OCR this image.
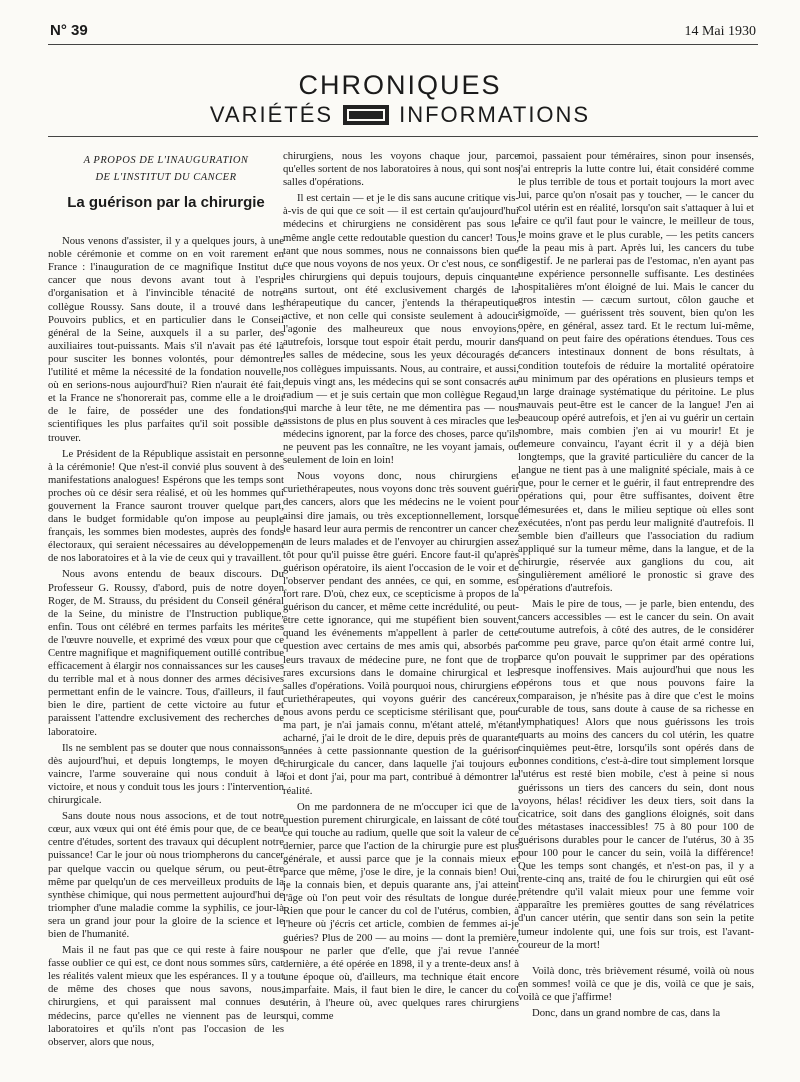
N° 39	14 Mai 1930
CHRONIQUES
VARIÉTÉS	INFORMATIONS
A PROPOS DE L'INAUGURATION
DE L'INSTITUT DU CANCER
La guérison par la chirurgie

Nous venons d'assister, il y a quelques jours, à une noble cérémonie et comme on en voit rarement en France : l'inauguration de ce magnifique Institut du cancer que nous devons avant tout à l'esprit d'organisation et à l'invincible ténacité de notre collègue Roussy. Sans doute, il a trouvé dans les Pouvoirs publics, et en particulier dans le Conseil général de la Seine, auxquels il a su parler, des auxiliaires tout-puissants. Mais s'il n'avait pas été là pour susciter les bonnes volontés, pour démontrer l'utilité et même la nécessité de la fondation nouvelle, où en serions-nous aujourd'hui? Rien n'aurait été fait, et la France ne s'honorerait pas, comme elle a le droit de le faire, de posséder une des fondations scientifiques les plus parfaites qu'il soit possible de trouver.

Le Président de la République assistait en personne à la cérémonie! Que n'est-il convié plus souvent à des manifestations analogues! Espérons que les temps sont proches où ce désir sera réalisé, et où les hommes qui gouvernent la France sauront trouver quelque part, dans le budget formidable qu'on impose au peuple français, les sommes bien modestes, auprès des fonds électoraux, qui seraient nécessaires au développement de nos laboratoires et à la vie de ceux qui y travaillent.

Nous avons entendu de beaux discours. Du Professeur G. Roussy, d'abord, puis de notre doyen Roger, de M. Strauss, du président du Conseil général de la Seine, du ministre de l'Instruction publique, enfin. Tous ont célébré en termes parfaits les mérites de l'œuvre nouvelle, et exprimé des vœux pour que ce Centre magnifique et magnifiquement outillé contribue efficacement à élargir nos connaissances sur les causes du terrible mal et à nous donner des armes décisives permettant enfin de le vaincre. Tous, d'ailleurs, il faut bien le dire, partient de cette victoire au futur et paraissent l'attendre exclusivement des recherches de laboratoire.

Ils ne semblent pas se douter que nous connaissons dès aujourd'hui, et depuis longtemps, le moyen de vaincre, l'arme souveraine qui nous conduit à la victoire, et nous y conduit tous les jours : l'intervention chirurgicale.

Sans doute nous nous associons, et de tout notre cœur, aux vœux qui ont été émis pour que, de ce beau centre d'études, sortent des travaux qui décuplent notre puissance! Car le jour où nous triompherons du cancer par quelque vaccin ou quelque sérum, ou peut-être même par quelqu'un de ces merveilleux produits de la synthèse chimique, qui nous permettent aujourd'hui de triompher d'une maladie comme la syphilis, ce jour-là sera un grand jour pour la gloire de la science et le bien de l'humanité.

Mais il ne faut pas que ce qui reste à faire nous fasse oublier ce qui est, ce dont nous sommes sûrs, car les réalités valent mieux que les espérances. Il y a tout de même des choses que nous savons, nous, chirurgiens, et qui paraissent mal connues des médecins, parce qu'elles ne viennent pas de leurs laboratoires et qu'ils n'ont pas l'occasion de les observer, alors que nous,

chirurgiens, nous les voyons chaque jour, parce qu'elles sortent de nos laboratoires à nous, qui sont nos salles d'opérations.

Il est certain — et je le dis sans aucune critique vis-à-vis de qui que ce soit — il est certain qu'aujourd'hui médecins et chirurgiens ne considèrent pas sous le même angle cette redoutable question du cancer! Tous, tant que nous sommes, nous ne connaissons bien que ce que nous voyons de nos yeux. Or c'est nous, ce sont les chirurgiens qui depuis toujours, depuis cinquante ans surtout, ont été exclusivement chargés de la thérapeutique du cancer, j'entends la thérapeutique active, et non celle qui consiste seulement à adoucir l'agonie des malheureux que nous envoyions, autrefois, lorsque tout espoir était perdu, mourir dans les salles de médecine, sous les yeux découragés de nos collègues impuissants. Nous, au contraire, et aussi, depuis vingt ans, les médecins qui se sont consacrés au radium — et je suis certain que mon collègue Regaud, qui marche à leur tête, ne me démentira pas — nous assistons de plus en plus souvent à ces miracles que les médecins ignorent, par la force des choses, parce qu'ils ne peuvent pas les connaître, ne les voyant jamais, ou seulement de loin en loin!

Nous voyons donc, nous chirurgiens et curiethérapeutes, nous voyons donc très souvent guérir des cancers, alors que les médecins ne le voient pour ainsi dire jamais, ou très exceptionnellement, lorsque le hasard leur aura permis de rencontrer un cancer chez un de leurs malades et de l'envoyer au chirurgien assez tôt pour qu'il puisse être guéri. Encore faut-il qu'après guérison opératoire, ils aient l'occasion de le voir et de l'observer pendant des années, ce qui, en somme, est fort rare. D'où, chez eux, ce scepticisme à propos de la guérison du cancer, et même cette incrédulité, ou peut-être cette ignorance, qui me stupéfient bien souvent, quand les événements m'appellent à parler de cette question avec certains de mes amis qui, absorbés par leurs travaux de médecine pure, ne font que de trop rares excursions dans le domaine chirurgical et les salles d'opérations. Voilà pourquoi nous, chirurgiens et curiethérapeutes, qui voyons guérir des cancéreux, nous avons perdu ce scepticisme stérilisant que, pour ma part, je n'ai jamais connu, m'étant attelé, m'étant acharné, j'ai le droit de le dire, depuis près de quarante années à cette passionnante question de la guérison chirurgicale du cancer, dans laquelle j'ai toujours eu foi et dont j'ai, pour ma part, contribué à démontrer la réalité.

On me pardonnera de ne m'occuper ici que de la question purement chirurgicale, en laissant de côté tout ce qui touche au radium, quelle que soit la valeur de ce dernier, parce que l'action de la chirurgie pure est plus générale, et aussi parce que je la connais mieux et parce que même, j'ose le dire, je la connais bien! Oui, je la connais bien, et depuis quarante ans, j'ai atteint l'âge où l'on peut voir des résultats de longue durée. Rien que pour le cancer du col de l'utérus, combien, à l'heure où j'écris cet article, combien de femmes ai-je guéries? Plus de 200 — au moins — dont la première, pour ne parler que d'elle, que j'ai revue l'année dernière, a été opérée en 1898, il y a trente-deux ans! à une époque où, d'ailleurs, ma technique était encore imparfaite. Mais, il faut bien le dire, le cancer du col utérin, à l'heure où, avec quelques rares chirurgiens qui, comme

moi, passaient pour téméraires, sinon pour insensés, j'ai entrepris la lutte contre lui, était considéré comme le plus terrible de tous et portait toujours la mort avec lui, parce qu'on n'osait pas y toucher, — le cancer du col utérin est en réalité, lorsqu'on sait s'attaquer à lui et faire ce qu'il faut pour le vaincre, le meilleur de tous, le moins grave et le plus curable, — les petits cancers de la peau mis à part. Après lui, les cancers du tube digestif. Je ne parlerai pas de l'estomac, n'en ayant pas une expérience personnelle suffisante. Les destinées hospitalières m'ont éloigné de lui. Mais le cancer du gros intestin — cæcum surtout, côlon gauche et sigmoïde, — guérissent très souvent, bien qu'on les opère, en général, assez tard. Et le rectum lui-même, quand on peut faire des opérations étendues. Tous ces cancers intestinaux donnent de bons résultats, à condition toutefois de réduire la mortalité opératoire au minimum par des opérations en plusieurs temps et un large drainage systématique du péritoine. Le plus mauvais peut-être est le cancer de la langue! J'en ai beaucoup opéré autrefois, et j'en ai vu guérir un certain nombre, mais combien j'en ai vu mourir! Et je demeure convaincu, l'ayant écrit il y a déjà bien longtemps, que la gravité particulière du cancer de la langue ne tient pas à une malignité spéciale, mais à ce que, pour le cerner et le guérir, il faut entreprendre des opérations qui, pour être suffisantes, doivent être démesurées et, dans le milieu septique où elles sont exécutées, n'ont pas perdu leur malignité d'autrefois. Il semble bien d'ailleurs que l'association du radium appliqué sur la tumeur même, dans la langue, et de la chirurgie, réservée aux ganglions du cou, ait singulièrement amélioré le pronostic si grave des opérations d'autrefois.

Mais le pire de tous, — je parle, bien entendu, des cancers accessibles — est le cancer du sein. On avait coutume autrefois, à côté des autres, de le considérer comme peu grave, parce qu'on était armé contre lui, parce qu'on pouvait le supprimer par des opérations presque inoffensives. Mais aujourd'hui que nous les opérons tous et que nous pouvons faire la comparaison, je n'hésite pas à dire que c'est le moins curable de tous, sans doute à cause de sa richesse en lymphatiques! Alors que nous guérissons les trois quarts au moins des cancers du col utérin, les quatre cinquièmes peut-être, lorsqu'ils sont opérés dans de bonnes conditions, c'est-à-dire tout simplement lorsque l'utérus est resté bien mobile, c'est à peine si nous guérissons un tiers des cancers du sein, dont nous voyons, hélas! récidiver les deux tiers, soit dans la cicatrice, soit dans des ganglions éloignés, soit dans des métastases inaccessibles! 75 à 80 pour 100 de guérisons durables pour le cancer de l'utérus, 30 à 35 pour 100 pour le cancer du sein, voilà la différence! Que les temps sont changés, et n'est-on pas, il y a trente-cinq ans, traité de fou le chirurgien qui eût osé prétendre qu'il valait mieux pour une femme voir apparaître les premières gouttes de sang révélatrices d'un cancer utérin, que sentir dans son sein la petite tumeur indolente qui, une fois sur trois, est l'avant-coureur de la mort!

Voilà donc, très brièvement résumé, voilà où nous en sommes! voilà ce que je dis, voilà ce que je sais, voilà ce que j'affirme!

Donc, dans un grand nombre de cas, dans la
